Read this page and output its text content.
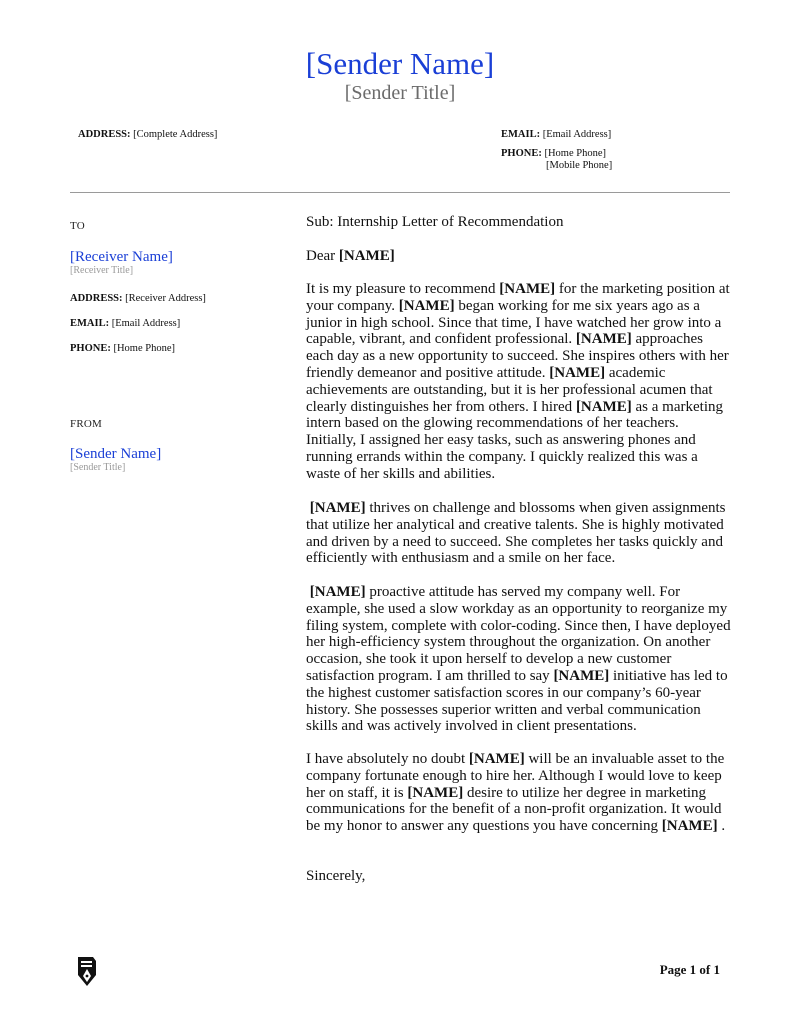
[Sender Name]
[Sender Title]
ADDRESS: [Complete Address]	EMAIL: [Email Address]
PHONE: [Home Phone]
[Mobile Phone]
TO
[Receiver Name]
[Receiver Title]
ADDRESS: [Receiver Address]
EMAIL: [Email Address]
PHONE: [Home Phone]
FROM
[Sender Name]
[Sender Title]
Sub: Internship Letter of Recommendation
Dear [NAME]

It is my pleasure to recommend [NAME] for the marketing position at your company. [NAME] began working for me six years ago as a junior in high school. Since that time, I have watched her grow into a capable, vibrant, and confident professional. [NAME] approaches each day as a new opportunity to succeed. She inspires others with her friendly demeanor and positive attitude. [NAME] academic achievements are outstanding, but it is her professional acumen that clearly distinguishes her from others. I hired [NAME] as a marketing intern based on the glowing recommendations of her teachers. Initially, I assigned her easy tasks, such as answering phones and running errands within the company. I quickly realized this was a waste of her skills and abilities.

[NAME] thrives on challenge and blossoms when given assignments that utilize her analytical and creative talents. She is highly motivated and driven by a need to succeed. She completes her tasks quickly and efficiently with enthusiasm and a smile on her face.

[NAME] proactive attitude has served my company well. For example, she used a slow workday as an opportunity to reorganize my filing system, complete with color-coding. Since then, I have deployed her high-efficiency system throughout the organization. On another occasion, she took it upon herself to develop a new customer satisfaction program. I am thrilled to say [NAME] initiative has led to the highest customer satisfaction scores in our company’s 60-year history. She possesses superior written and verbal communication skills and was actively involved in client presentations.

I have absolutely no doubt [NAME] will be an invaluable asset to the company fortunate enough to hire her. Although I would love to keep her on staff, it is [NAME] desire to utilize her degree in marketing communications for the benefit of a non-profit organization. It would be my honor to answer any questions you have concerning [NAME] .

Sincerely,
Page 1 of 1
